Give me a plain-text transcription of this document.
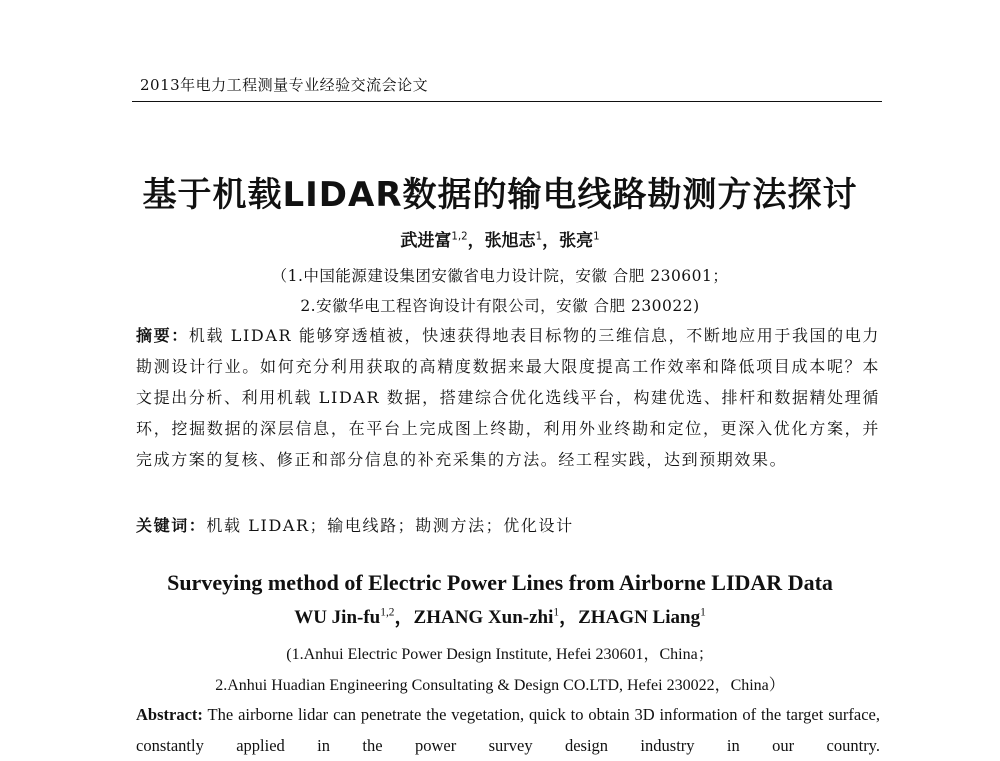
2013年电力工程测量专业经验交流会论文
基于机载LIDAR数据的输电线路勘测方法探讨
武进富$^{1,2}$，张旭志$^1$，张亮$^1$
（1.中国能源建设集团安徽省电力设计院，安徽 合肥 230601；
2.安徽华电工程咨询设计有限公司，安徽 合肥 230022)
摘要：机载 LIDAR 能够穿透植被，快速获得地表目标物的三维信息，不断地应用于我国的电力勘测设计行业。如何充分利用获取的高精度数据来最大限度提高工作效率和降低项目成本呢？本文提出分析、利用机载 LIDAR 数据，搭建综合优化选线平台，构建优选、排杆和数据精处理循环，挖掘数据的深层信息，在平台上完成图上终勘，利用外业终勘和定位，更深入优化方案，并完成方案的复核、修正和部分信息的补充采集的方法。经工程实践，达到预期效果。
关键词：机载 LIDAR；输电线路；勘测方法；优化设计
Surveying method of Electric Power Lines from Airborne LIDAR Data
WU Jin-fu$^{1,2}$，ZHANG Xun-zhi$^1$，ZHAGN Liang$^1$
(1.Anhui Electric Power Design Institute, Hefei 230601，China；
2.Anhui Huadian Engineering Consultating & Design CO.LTD, Hefei 230022，China）
Abstract: The airborne lidar can penetrate the vegetation, quick to obtain 3D information of the target surface, constantly applied in the power survey design industry in our country.
